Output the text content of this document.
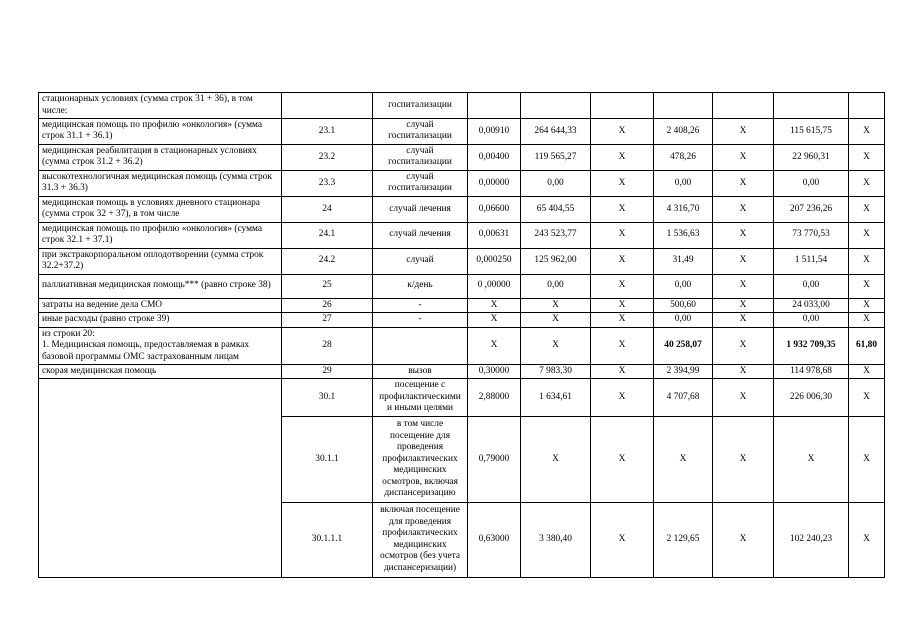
стационарных условиях (сумма строк 31 + 36), в том числе:		госпитализации							
медицинская помощь по профилю «онкология» (сумма строк 31.1 + 36.1)	23.1	случай госпитализации	0,00910	264 644,33	X	2 408,26	X	115 615,75	X
медицинская реабилитация в стационарных условиях (сумма строк 31.2 + 36.2)	23.2	случай госпитализации	0,00400	119 565,27	X	478,26	X	22 960,31	X
высокотехнологичная медицинская помощь (сумма строк 31.3 + 36.3)	23.3	случай госпитализации	0,00000	0,00	X	0,00	X	0,00	X
медицинская помощь в условиях дневного стационара (сумма строк 32 + 37), в том числе	24	случай лечения	0,06600	65 404,55	X	4 316,70	X	207 236,26	X
медицинская помощь по профилю «онкология» (сумма строк 32.1 + 37.1)	24.1	случай лечения	0,00631	243 523,77	X	1 536,63	X	73 770,53	X
при экстракорпоральном оплодотворении (сумма строк 32.2+37.2)	24.2	случай	0,000250	125 962,00	X	31,49	X	1 511,54	X
паллиативная медицинская помощь*** (равно строке 38)	25	к/день	0 ,00000	0,00	X	0,00	X	0,00	X
затраты на ведение дела СМО	26	-	X	X	X	500,60	X	24 033,00	X
иные расходы (равно строке 39)	27	-	X	X	X	0,00	X	0,00	X
из строки 20:
1. Медицинская помощь, предоставляемая в рамках базовой программы ОМС застрахованным лицам	28		X	X	X	40 258,07	X	1 932 709,35	61,80
скорая медицинская помощь	29	вызов	0,30000	7 983,30	X	2 394,99	X	114 978,68	X
	30.1	посещение с профилактическими и иными целями	2,88000	1 634,61	X	4 707,68	X	226 006,30	X
	30.1.1	в том числе посещение для проведения профилактических медицинских осмотров, включая диспансеризацию	0,79000	X	X	X	X	X	X
	30.1.1.1	включая посещение для проведения профилактических медицинских осмотров (без учета диспансеризации)	0,63000	3 380,40	X	2 129,65	X	102 240,23	X
